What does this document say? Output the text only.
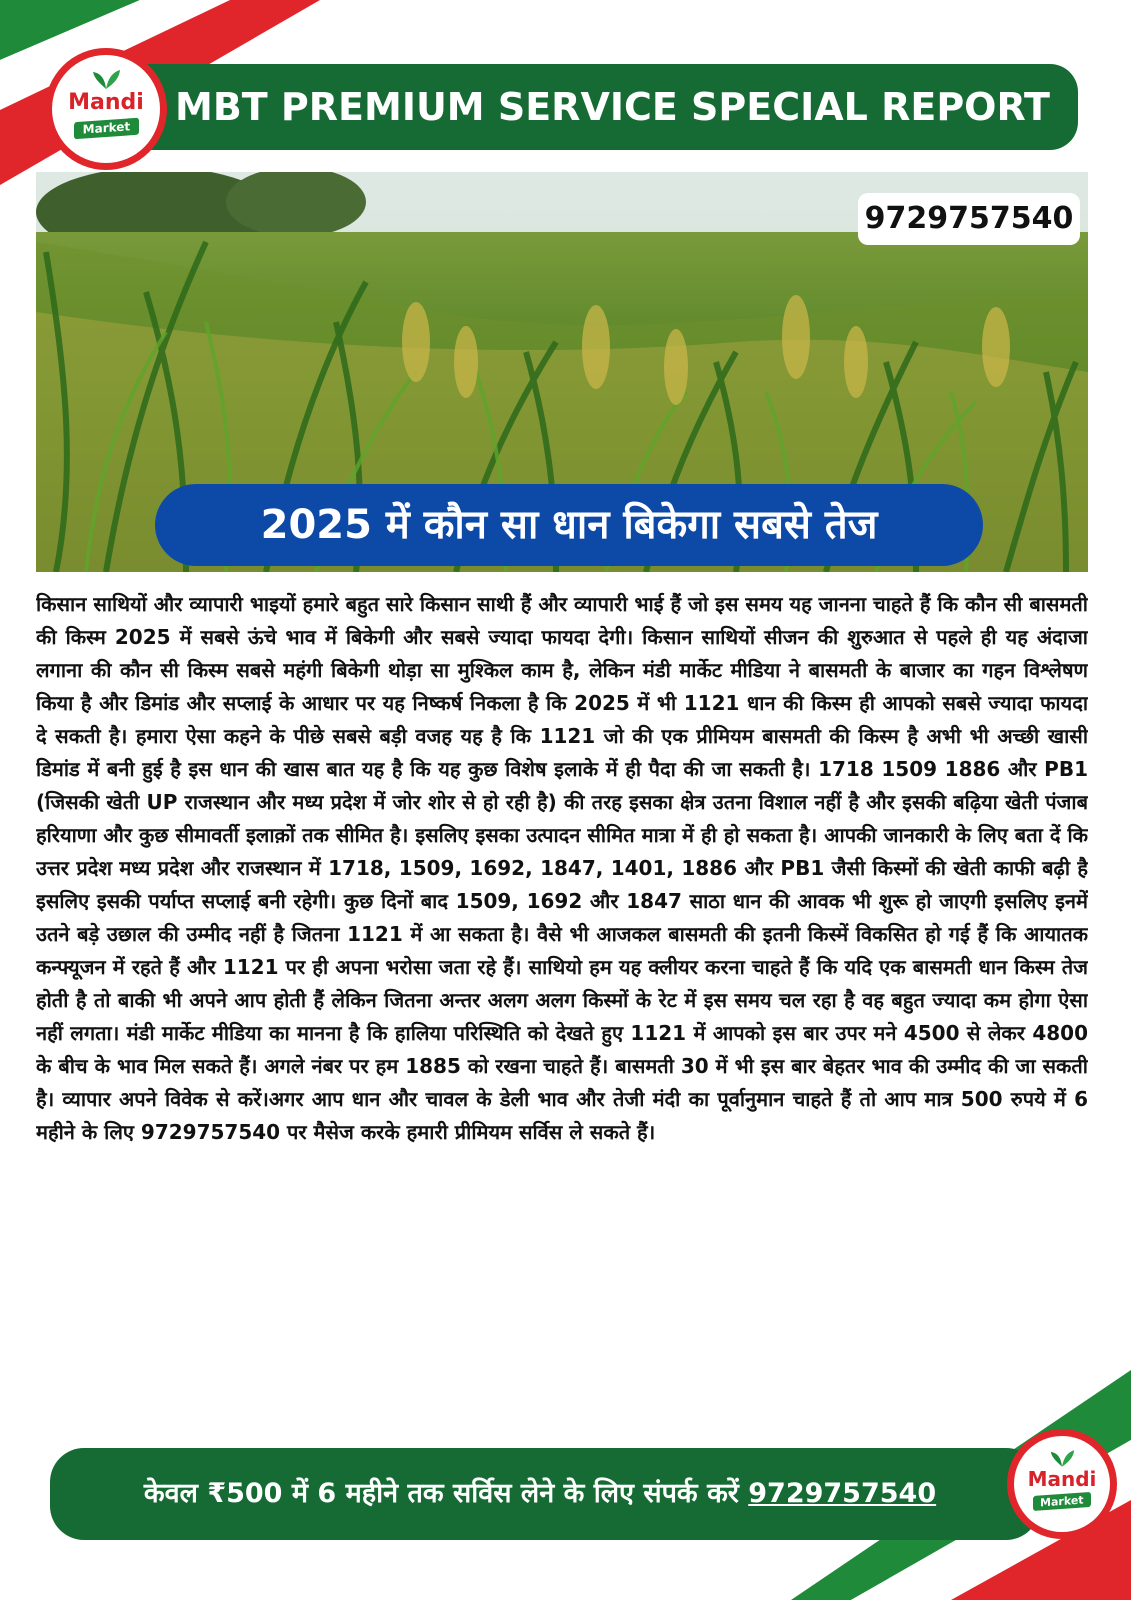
MBT PREMIUM SERVICE SPECIAL REPORT
Mandi
Market
9729757540
2025 में कौन सा धान बिकेगा सबसे तेज
किसान साथियों और व्यापारी भाइयों हमारे बहुत सारे किसान साथी हैं और व्यापारी भाई हैं जो इस समय यह जानना चाहते हैं कि कौन सी बासमती की किस्म 2025 में सबसे ऊंचे भाव में बिकेगी और सबसे ज्यादा फायदा देगी। किसान साथियों सीजन की शुरुआत से पहले ही यह अंदाजा लगाना की कौन सी किस्म सबसे महंगी बिकेगी थोड़ा सा मुश्किल काम है, लेकिन मंडी मार्केट मीडिया ने बासमती के बाजार का गहन विश्लेषण किया है और डिमांड और सप्लाई के आधार पर यह निष्कर्ष निकला है कि 2025 में भी 1121 धान की किस्म ही आपको सबसे ज्यादा फायदा दे सकती है। हमारा ऐसा कहने के पीछे सबसे बड़ी वजह यह है कि 1121 जो की एक प्रीमियम बासमती की किस्म है अभी भी अच्छी खासी डिमांड में बनी हुई है इस धान की खास बात यह है कि यह कुछ विशेष इलाके में ही पैदा की जा सकती है। 1718 1509 1886 और PB1 (जिसकी खेती UP राजस्थान और मध्य प्रदेश में जोर शोर से हो रही है) की तरह इसका क्षेत्र उतना विशाल नहीं है और इसकी बढ़िया खेती पंजाब हरियाणा और कुछ सीमावर्ती इलाक़ों तक सीमित है। इसलिए इसका उत्पादन सीमित मात्रा में ही हो सकता है। आपकी जानकारी के लिए बता दें कि उत्तर प्रदेश मध्य प्रदेश और राजस्थान में 1718, 1509, 1692, 1847, 1401, 1886 और PB1 जैसी किस्मों की खेती काफी बढ़ी है इसलिए इसकी पर्याप्त सप्लाई बनी रहेगी। कुछ दिनों बाद 1509, 1692 और 1847 साठा धान की आवक भी शुरू हो जाएगी इसलिए इनमें उतने बड़े उछाल की उम्मीद नहीं है जितना 1121 में आ सकता है। वैसे भी आजकल बासमती की इतनी किस्में विकसित हो गई हैं कि आयातक कन्फ्यूजन में रहते हैं और 1121 पर ही अपना भरोसा जता रहे हैं। साथियो हम यह क्लीयर करना चाहते हैं कि यदि एक बासमती धान किस्म तेज होती है तो बाकी भी अपने आप होती हैं लेकिन जितना अन्तर अलग अलग किस्मों के रेट में इस समय चल रहा है वह बहुत ज्यादा कम होगा ऐसा नहीं लगता। मंडी मार्केट मीडिया का मानना है कि हालिया परिस्थिति को देखते हुए 1121 में आपको इस बार उपर मने 4500 से लेकर 4800 के बीच के भाव मिल सकते हैं। अगले नंबर पर हम 1885 को रखना चाहते हैं। बासमती 30 में भी इस बार बेहतर भाव की उम्मीद की जा सकती है। व्यापार अपने विवेक से करें।अगर आप धान और चावल के डेली भाव और तेजी मंदी का पूर्वानुमान चाहते हैं तो आप मात्र 500 रुपये में 6 महीने के लिए 9729757540 पर मैसेज करके हमारी प्रीमियम सर्विस ले सकते हैं।
केवल ₹500 में 6 महीने तक सर्विस लेने के लिए संपर्क करें 9729757540	Mandi
Market
